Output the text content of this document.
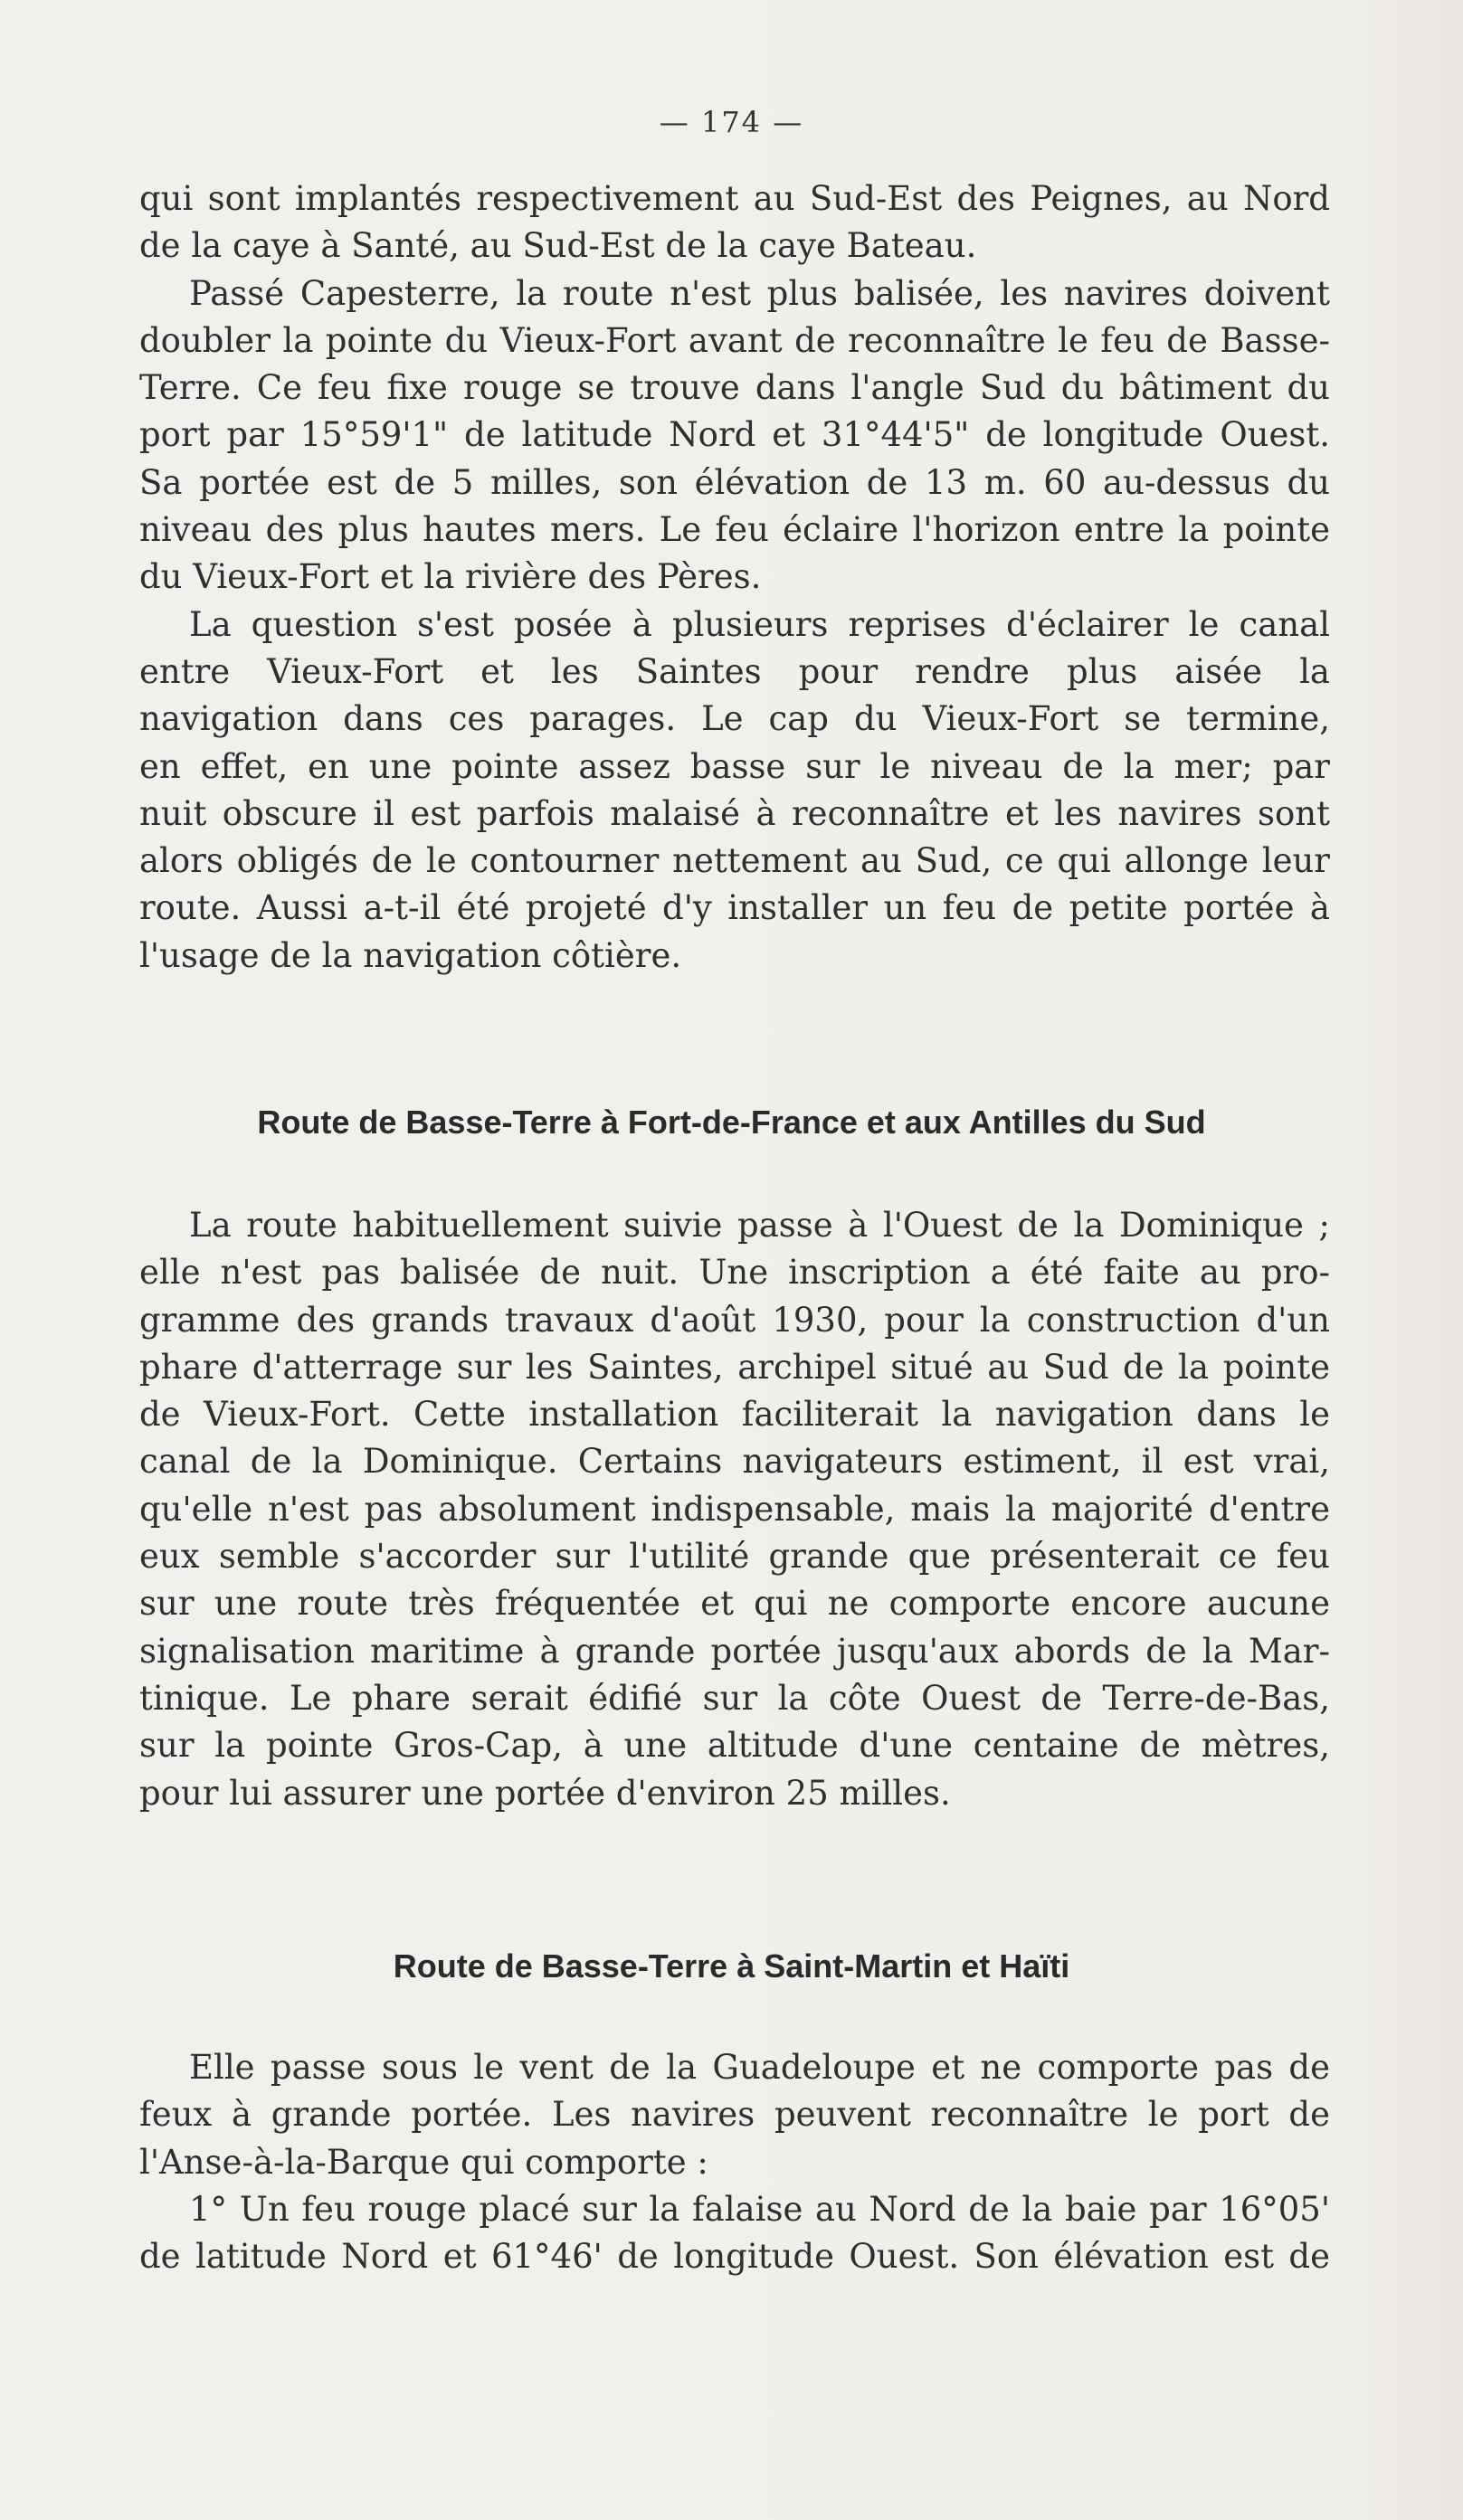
— 174 —

qui sont implantés respectivement au Sud-Est des Peignes, au Nord

de la caye à Santé, au Sud-Est de la caye Bateau.

Passé Capesterre, la route n'est plus balisée, les navires doivent

doubler la pointe du Vieux-Fort avant de reconnaître le feu de Basse-

Terre. Ce feu fixe rouge se trouve dans l'angle Sud du bâtiment du

port par 15°59'1" de latitude Nord et 31°44'5" de longitude Ouest.

Sa portée est de 5 milles, son élévation de 13 m. 60 au-dessus du

niveau des plus hautes mers. Le feu éclaire l'horizon entre la pointe

du Vieux-Fort et la rivière des Pères.

La question s'est posée à plusieurs reprises d'éclairer le canal

entre Vieux-Fort et les Saintes pour rendre plus aisée la

navigation dans ces parages. Le cap du Vieux-Fort se termine,

en effet, en une pointe assez basse sur le niveau de la mer; par

nuit obscure il est parfois malaisé à reconnaître et les navires sont

alors obligés de le contourner nettement au Sud, ce qui allonge leur

route. Aussi a-t-il été projeté d'y installer un feu de petite portée à

l'usage de la navigation côtière.

Route de Basse-Terre à Fort-de-France et aux Antilles du Sud

La route habituellement suivie passe à l'Ouest de la Dominique ;

elle n'est pas balisée de nuit. Une inscription a été faite au pro-

gramme des grands travaux d'août 1930, pour la construction d'un

phare d'atterrage sur les Saintes, archipel situé au Sud de la pointe

de Vieux-Fort. Cette installation faciliterait la navigation dans le

canal de la Dominique. Certains navigateurs estiment, il est vrai,

qu'elle n'est pas absolument indispensable, mais la majorité d'entre

eux semble s'accorder sur l'utilité grande que présenterait ce feu

sur une route très fréquentée et qui ne comporte encore aucune

signalisation maritime à grande portée jusqu'aux abords de la Mar-

tinique. Le phare serait édifié sur la côte Ouest de Terre-de-Bas,

sur la pointe Gros-Cap, à une altitude d'une centaine de mètres,

pour lui assurer une portée d'environ 25 milles.

Route de Basse-Terre à Saint-Martin et Haïti

Elle passe sous le vent de la Guadeloupe et ne comporte pas de

feux à grande portée. Les navires peuvent reconnaître le port de

l'Anse-à-la-Barque qui comporte :

1° Un feu rouge placé sur la falaise au Nord de la baie par 16°05'

de latitude Nord et 61°46' de longitude Ouest. Son élévation est de
